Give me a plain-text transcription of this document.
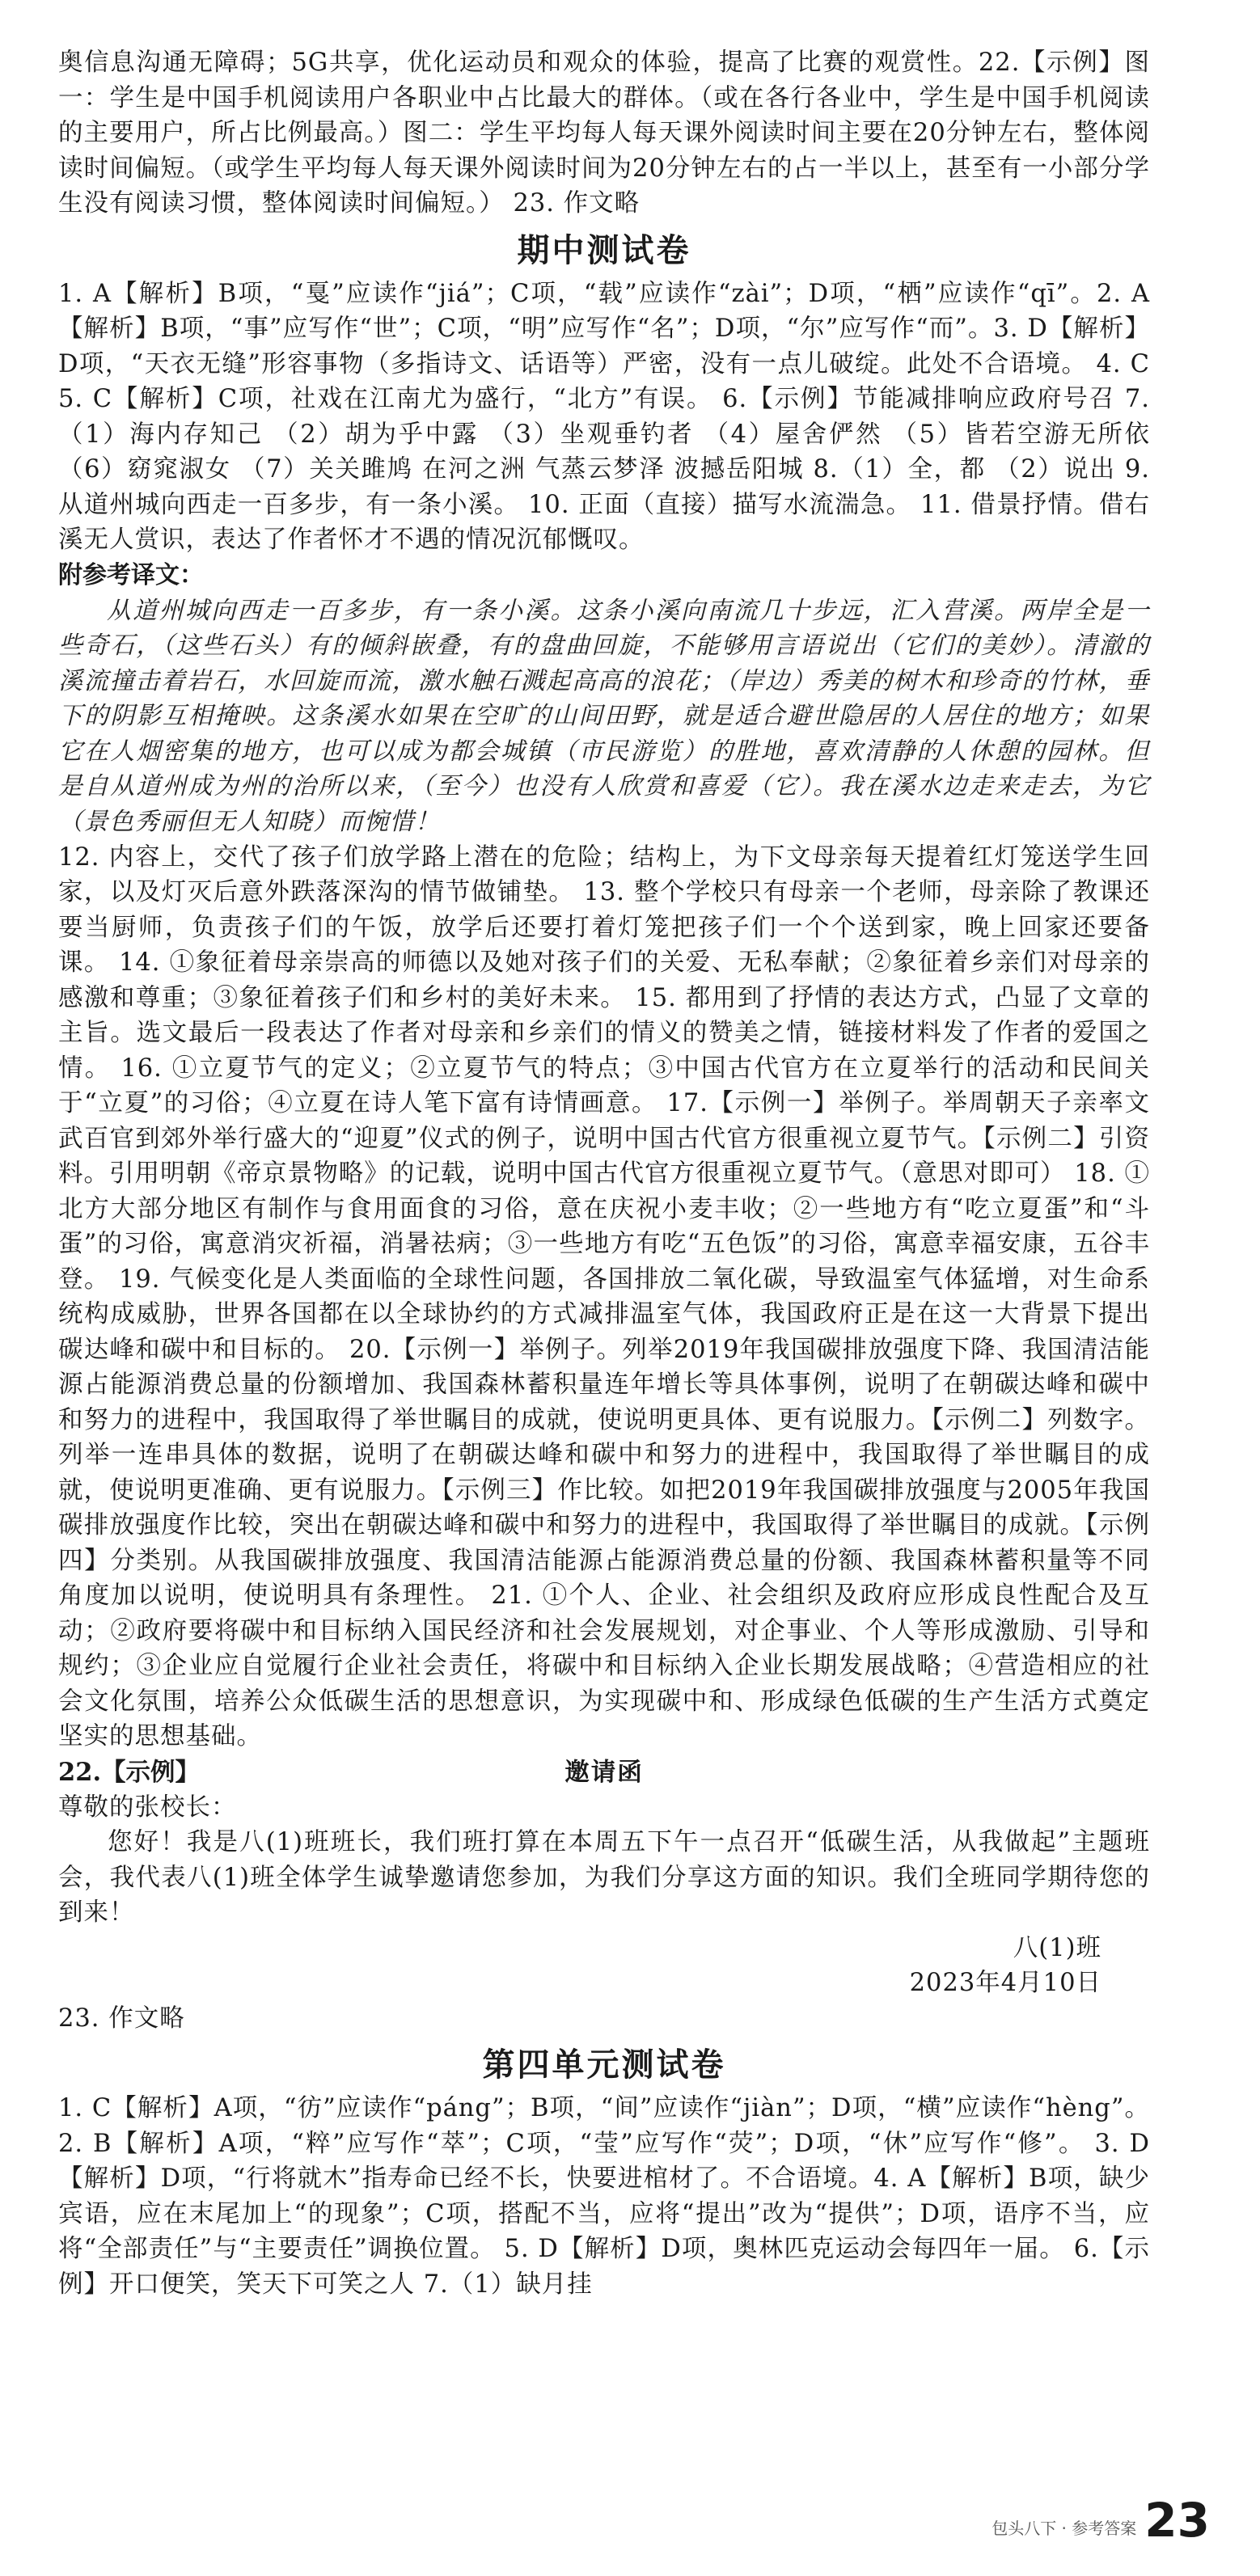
奥信息沟通无障碍；5G共享，优化运动员和观众的体验，提高了比赛的观赏性。22.【示例】图一：学生是中国手机阅读用户各职业中占比最大的群体。（或在各行各业中，学生是中国手机阅读的主要用户，所占比例最高。）图二：学生平均每人每天课外阅读时间主要在20分钟左右，整体阅读时间偏短。（或学生平均每人每天课外阅读时间为20分钟左右的占一半以上，甚至有一小部分学生没有阅读习惯，整体阅读时间偏短。） 23. 作文略

期中测试卷

1. A【解析】B项，“戛”应读作“jiá”；C项，“载”应读作“zài”；D项，“栖”应读作“qī”。2. A【解析】B项，“事”应写作“世”；C项，“明”应写作“名”；D项，“尔”应写作“而”。3. D【解析】D项，“天衣无缝”形容事物（多指诗文、话语等）严密，没有一点儿破绽。此处不合语境。 4. C 5. C【解析】C项，社戏在江南尤为盛行，“北方”有误。 6.【示例】节能减排响应政府号召 7.（1）海内存知己 （2）胡为乎中露 （3）坐观垂钓者 （4）屋舍俨然 （5）皆若空游无所依 （6）窈窕淑女 （7）关关雎鸠 在河之洲 气蒸云梦泽 波撼岳阳城 8.（1）全，都 （2）说出 9. 从道州城向西走一百多步，有一条小溪。 10. 正面（直接）描写水流湍急。 11. 借景抒情。借右溪无人赏识，表达了作者怀才不遇的情况沉郁慨叹。

附参考译文：

从道州城向西走一百多步，有一条小溪。这条小溪向南流几十步远，汇入营溪。两岸全是一些奇石，（这些石头）有的倾斜嵌叠，有的盘曲回旋，不能够用言语说出（它们的美妙）。清澈的溪流撞击着岩石，水回旋而流，激水触石溅起高高的浪花；（岸边）秀美的树木和珍奇的竹林，垂下的阴影互相掩映。这条溪水如果在空旷的山间田野，就是适合避世隐居的人居住的地方；如果它在人烟密集的地方，也可以成为都会城镇（市民游览）的胜地，喜欢清静的人休憩的园林。但是自从道州成为州的治所以来，（至今）也没有人欣赏和喜爱（它）。我在溪水边走来走去，为它（景色秀丽但无人知晓）而惋惜！

12. 内容上，交代了孩子们放学路上潜在的危险；结构上，为下文母亲每天提着红灯笼送学生回家，以及灯灭后意外跌落深沟的情节做铺垫。 13. 整个学校只有母亲一个老师，母亲除了教课还要当厨师，负责孩子们的午饭，放学后还要打着灯笼把孩子们一个个送到家，晚上回家还要备课。 14. ①象征着母亲崇高的师德以及她对孩子们的关爱、无私奉献；②象征着乡亲们对母亲的感激和尊重；③象征着孩子们和乡村的美好未来。 15. 都用到了抒情的表达方式，凸显了文章的主旨。选文最后一段表达了作者对母亲和乡亲们的情义的赞美之情，链接材料发了作者的爱国之情。 16. ①立夏节气的定义；②立夏节气的特点；③中国古代官方在立夏举行的活动和民间关于“立夏”的习俗；④立夏在诗人笔下富有诗情画意。 17.【示例一】举例子。举周朝天子亲率文武百官到郊外举行盛大的“迎夏”仪式的例子，说明中国古代官方很重视立夏节气。【示例二】引资料。引用明朝《帝京景物略》的记载，说明中国古代官方很重视立夏节气。（意思对即可） 18. ①北方大部分地区有制作与食用面食的习俗，意在庆祝小麦丰收；②一些地方有“吃立夏蛋”和“斗蛋”的习俗，寓意消灾祈福，消暑祛病；③一些地方有吃“五色饭”的习俗，寓意幸福安康，五谷丰登。 19. 气候变化是人类面临的全球性问题，各国排放二氧化碳，导致温室气体猛增，对生命系统构成威胁，世界各国都在以全球协约的方式减排温室气体，我国政府正是在这一大背景下提出碳达峰和碳中和目标的。 20.【示例一】举例子。列举2019年我国碳排放强度下降、我国清洁能源占能源消费总量的份额增加、我国森林蓄积量连年增长等具体事例，说明了在朝碳达峰和碳中和努力的进程中，我国取得了举世瞩目的成就，使说明更具体、更有说服力。【示例二】列数字。列举一连串具体的数据，说明了在朝碳达峰和碳中和努力的进程中，我国取得了举世瞩目的成就，使说明更准确、更有说服力。【示例三】作比较。如把2019年我国碳排放强度与2005年我国碳排放强度作比较，突出在朝碳达峰和碳中和努力的进程中，我国取得了举世瞩目的成就。【示例四】分类别。从我国碳排放强度、我国清洁能源占能源消费总量的份额、我国森林蓄积量等不同角度加以说明，使说明具有条理性。 21. ①个人、企业、社会组织及政府应形成良性配合及互动；②政府要将碳中和目标纳入国民经济和社会发展规划，对企事业、个人等形成激励、引导和规约；③企业应自觉履行企业社会责任，将碳中和目标纳入企业长期发展战略；④营造相应的社会文化氛围，培养公众低碳生活的思想意识，为实现碳中和、形成绿色低碳的生产生活方式奠定坚实的思想基础。

22.【示例】	邀请函

尊敬的张校长：

您好！我是八(1)班班长，我们班打算在本周五下午一点召开“低碳生活，从我做起”主题班会，我代表八(1)班全体学生诚挚邀请您参加，为我们分享这方面的知识。我们全班同学期待您的到来！

八(1)班

2023年4月10日

23. 作文略

第四单元测试卷

1. C【解析】A项，“彷”应读作“páng”；B项，“间”应读作“jiàn”；D项，“横”应读作“hèng”。 2. B【解析】A项，“粹”应写作“萃”；C项，“莹”应写作“荧”；D项，“休”应写作“修”。 3. D【解析】D项，“行将就木”指寿命已经不长，快要进棺材了。不合语境。4. A【解析】B项，缺少宾语，应在末尾加上“的现象”；C项，搭配不当，应将“提出”改为“提供”；D项，语序不当，应将“全部责任”与“主要责任”调换位置。 5. D【解析】D项，奥林匹克运动会每四年一届。 6.【示例】开口便笑，笑天下可笑之人 7.（1）缺月挂

包头八下 · 参考答案 23
